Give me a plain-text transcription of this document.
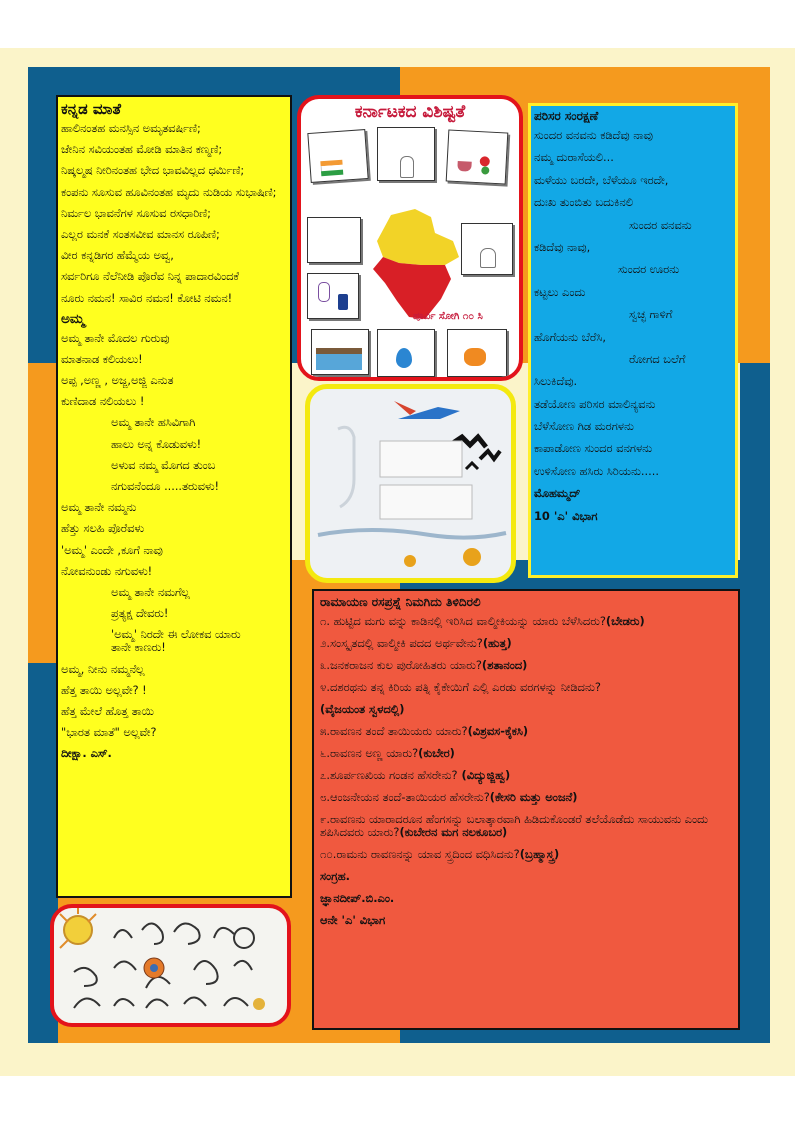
ಕನ್ನಡ ಮಾತೆ
ಹಾಲಿನಂತಹ ಮನಸ್ಸಿನ ಅಮೃತವರ್ಷಿಣಿ;
ಜೇನಿನ ಸವಿಯಂತಹ ಮೋಡಿ ಮಾತಿನ ಕಣ್ಮಣಿ;
ನಿಷ್ಕಲ್ಮಷ ನೀರಿನಂತಹ ಭೇದ ಭಾವವಿಲ್ಲದ ಧರ್ಮಿಣಿ;
ಕಂಪನು ಸೂಸುವ ಹೂವಿನಂತಹ ಮೃದು ನುಡಿಯ ಸುಭಾಷಿಣಿ;
ನಿರ್ಮಲ ಭಾವನೆಗಳ ಸೂಸುವ ರಸಧಾರಿಣಿ;
ಎಲ್ಲರ ಮನಕೆ ಸಂತಸವೀವ ಮಾನಸ ರೂಪಿಣಿ;
ವೀರ ಕನ್ನಡಿಗರ ಹೆಮ್ಮೆಯ ಅವ್ವ,
ಸರ್ವರಿಗೂ ನೆಲೆನೀಡಿ ಪೊರೆವ ನಿನ್ನ ಪಾದಾರವಿಂದಕೆ
ನೂರು ನಮನ! ಸಾವಿರ ನಮನ! ಕೋಟಿ ನಮನ!
ಅಮ್ಮ
ಅಮ್ಮ ತಾನೇ ಮೊದಲ ಗುರುವು
ಮಾತನಾಡ ಕಲಿಯಲು!
ಅಪ್ಪ ,ಅಣ್ಣ , ಅಜ್ಜ,ಅಜ್ಜಿ ಎನುತ
ಕುಣಿದಾಡ ನಲಿಯಲು !
ಅಮ್ಮ ತಾನೇ ಹಸಿವಿಗಾಗಿ
ಹಾಲು ಅನ್ನ ಕೊಡುವಳು!
ಅಳುವ ನಮ್ಮ ಮೊಗದ ತುಂಬ
ನಗುವನೆಂದೂ .....ತರುವಳು!
ಅಮ್ಮ ತಾನೇ ನಮ್ಮನು
ಹೆತ್ತು ಸಲಹಿ ಪೊರೆವಳು
'ಅಮ್ಮ' ಎಂದೇ ,ಕೂಗೆ ನಾವು
ನೋವನುಂಡು ನಗುವಳು!
ಅಮ್ಮ ತಾನೇ ನಮಗೆಲ್ಲ
ಪ್ರತ್ಯಕ್ಷ ದೇವರು!
'ಅಮ್ಮ' ನಿರದೇ ಈ ಲೋಕವ ಯಾರು ತಾನೇ ಕಾಣರು!
ಅಮ್ಮ, ನೀನು ನಮ್ಮನೆಲ್ಲ
ಹೆತ್ತ ತಾಯಿ ಅಲ್ಲವೇ? !
ಹೆತ್ತ ಮೇಲೆ ಹೊತ್ತ ತಾಯಿ
"ಭಾರತ ಮಾತೆ" ಅಲ್ಲವೇ?
ದೀಕ್ಷಾ. ಎಸ್.
ಕರ್ನಾಟಕದ ವಿಶಿಷ್ಟತೆ
ಪೂರ್ವಿ ಸೋಗಿ ೧೦ ಸಿ
ಪರಿಸರ ಸಂರಕ್ಷಣೆ
ಸುಂದರ ವನವನು ಕಡಿದೆವು ನಾವು
ನಮ್ಮ ದುರಾಸೆಯಲಿ...
ಮಳೆಯು ಬರದೇ, ಬೆಳೆಯೂ ಇರದೇ,
ದುಃಖ ತುಂಬಿತು ಬದುಕಿನಲಿ
ಸುಂದರ ವನವನು
ಕಡಿದೆವು ನಾವು,
ಸುಂದರ ಊರನು
ಕಟ್ಟಲು ಎಂದು
ಸ್ವಚ್ಛ ಗಾಳಿಗೆ
ಹೊಗೆಯನು ಬೆರೆಸಿ,
ರೋಗದ ಬಲೆಗೆ
ಸಿಲುಕಿದೆವು.
ತಡೆಯೋಣ ಪರಿಸರ ಮಾಲಿನ್ಯವನು
ಬೆಳೆಸೋಣ ಗಿಡ ಮರಗಳನು
ಕಾಪಾಡೋಣ ಸುಂದರ ವನಗಳನು
ಉಳಿಸೋಣ ಹಸಿರು ಸಿರಿಯನು.....
ಮೊಹಮ್ಮದ್
10 'ಎ' ವಿಭಾಗ
ರಾಮಾಯಣ ರಸಪ್ರಶ್ನೆ ನಿಮಗಿದು ತಿಳಿದಿರಲಿ
೧. ಹುಟ್ಟಿದ ಮಗು ವನ್ನು ಕಾಡಿನಲ್ಲಿ ಇರಿಸಿದ ವಾಲ್ಮೀಕಿಯನ್ನು ಯಾರು ಬೆಳೆಸಿದರು?(ಬೇಡರು)
೨.ಸಂಸ್ಕೃತದಲ್ಲಿ ವಾಲ್ಮೀಕಿ ಪದದ ಅರ್ಥವೇನು?(ಹುತ್ತ)
೩.ಜನಕರಾಜನ ಕುಲ ಪುರೋಹಿತರು ಯಾರು?(ಶತಾನಂದ)
೪.ದಶರಥನು ತನ್ನ ಕಿರಿಯ ಪತ್ನಿ ಕೈಕೇಯಿಗೆ ಎಲ್ಲಿ ಎರಡು ವರಗಳನ್ನು ನೀಡಿದನು?
(ವೈಜಯಂತ ಸ್ವಳದಲ್ಲಿ)
೫.ರಾವಣನ ತಂದೆ ತಾಯಿಯರು ಯಾರು?(ವಿಶ್ರವಸ-ಕೈಕಸಿ)
೬.ರಾವಣನ ಅಣ್ಣ ಯಾರು?(ಕುಬೇರ)
೭.ಶೂರ್ಪಣಖಿಯ ಗಂಡನ ಹೆಸರೇನು? (ವಿದ್ಯುಜ್ಜಿಹ್ವ)
೮.ಆಂಜನೇಯನ ತಂದೆ-ತಾಯಿಯರ ಹೆಸರೇನು?(ಕೇಸರಿ ಮತ್ತು ಅಂಜನೆ)
೯.ರಾವಣನು ಯಾರಾದರೂನ ಹೆಂಗಸನ್ನು ಬಲಾತ್ಕಾರವಾಗಿ ಹಿಡಿದುಕೊಂಡರೆ ತಲೆಯೊಡೆದು ಸಾಯುವನು ಎಂದು ಶಪಿಸಿದವರು ಯಾರು?(ಕುಬೇರನ ಮಗ ನಲಕೂಬರ)
೧೦.ರಾಮನು ರಾವಣನನ್ನು ಯಾವ ಸ್ತ್ರದಿಂದ ವಧಿಸಿದನು?(ಬ್ರಹ್ಮಾಸ್ತ್ರ)
ಸಂಗ್ರಹ.
ಜ್ಞಾನದೀಪ್.ಬಿ.ಎಂ.
ಆನೇ 'ಎ' ವಿಭಾಗ
